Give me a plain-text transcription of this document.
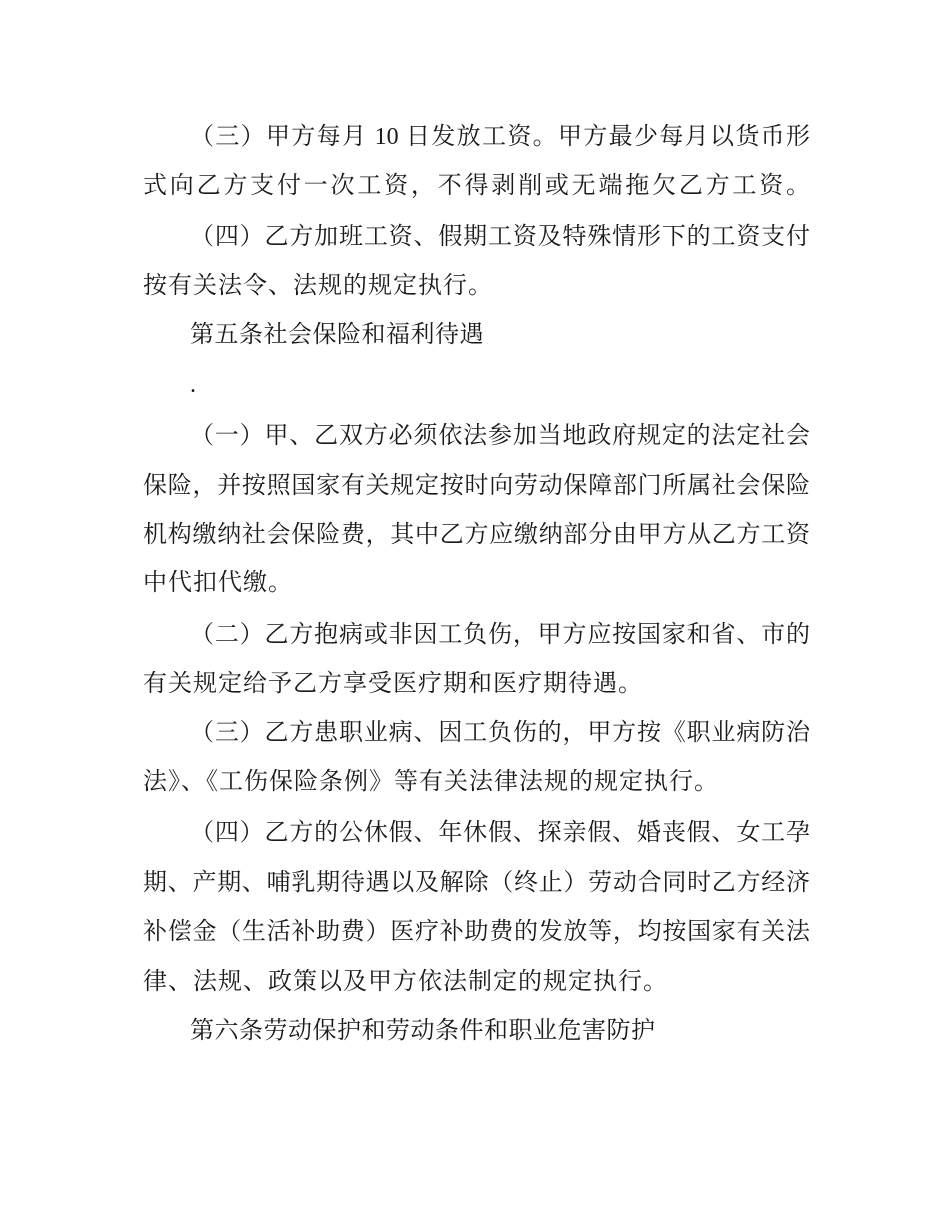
（三）甲方每月 10 日发放工资。甲方最少每月以货币形
式向乙方支付一次工资，不得剥削或无端拖欠乙方工资。
（四）乙方加班工资、假期工资及特殊情形下的工资支付
按有关法令、法规的规定执行。
第五条社会保险和福利待遇
.
（一）甲、乙双方必须依法参加当地政府规定的法定社会
保险，并按照国家有关规定按时向劳动保障部门所属社会保险
机构缴纳社会保险费，其中乙方应缴纳部分由甲方从乙方工资
中代扣代缴。
（二）乙方抱病或非因工负伤，甲方应按国家和省、市的
有关规定给予乙方享受医疗期和医疗期待遇。
（三）乙方患职业病、因工负伤的，甲方按《职业病防治
法》、《工伤保险条例》等有关法律法规的规定执行。
（四）乙方的公休假、年休假、探亲假、婚丧假、女工孕
期、产期、哺乳期待遇以及解除（终止）劳动合同时乙方经济
补偿金（生活补助费）医疗补助费的发放等，均按国家有关法
律、法规、政策以及甲方依法制定的规定执行。
第六条劳动保护和劳动条件和职业危害防护
